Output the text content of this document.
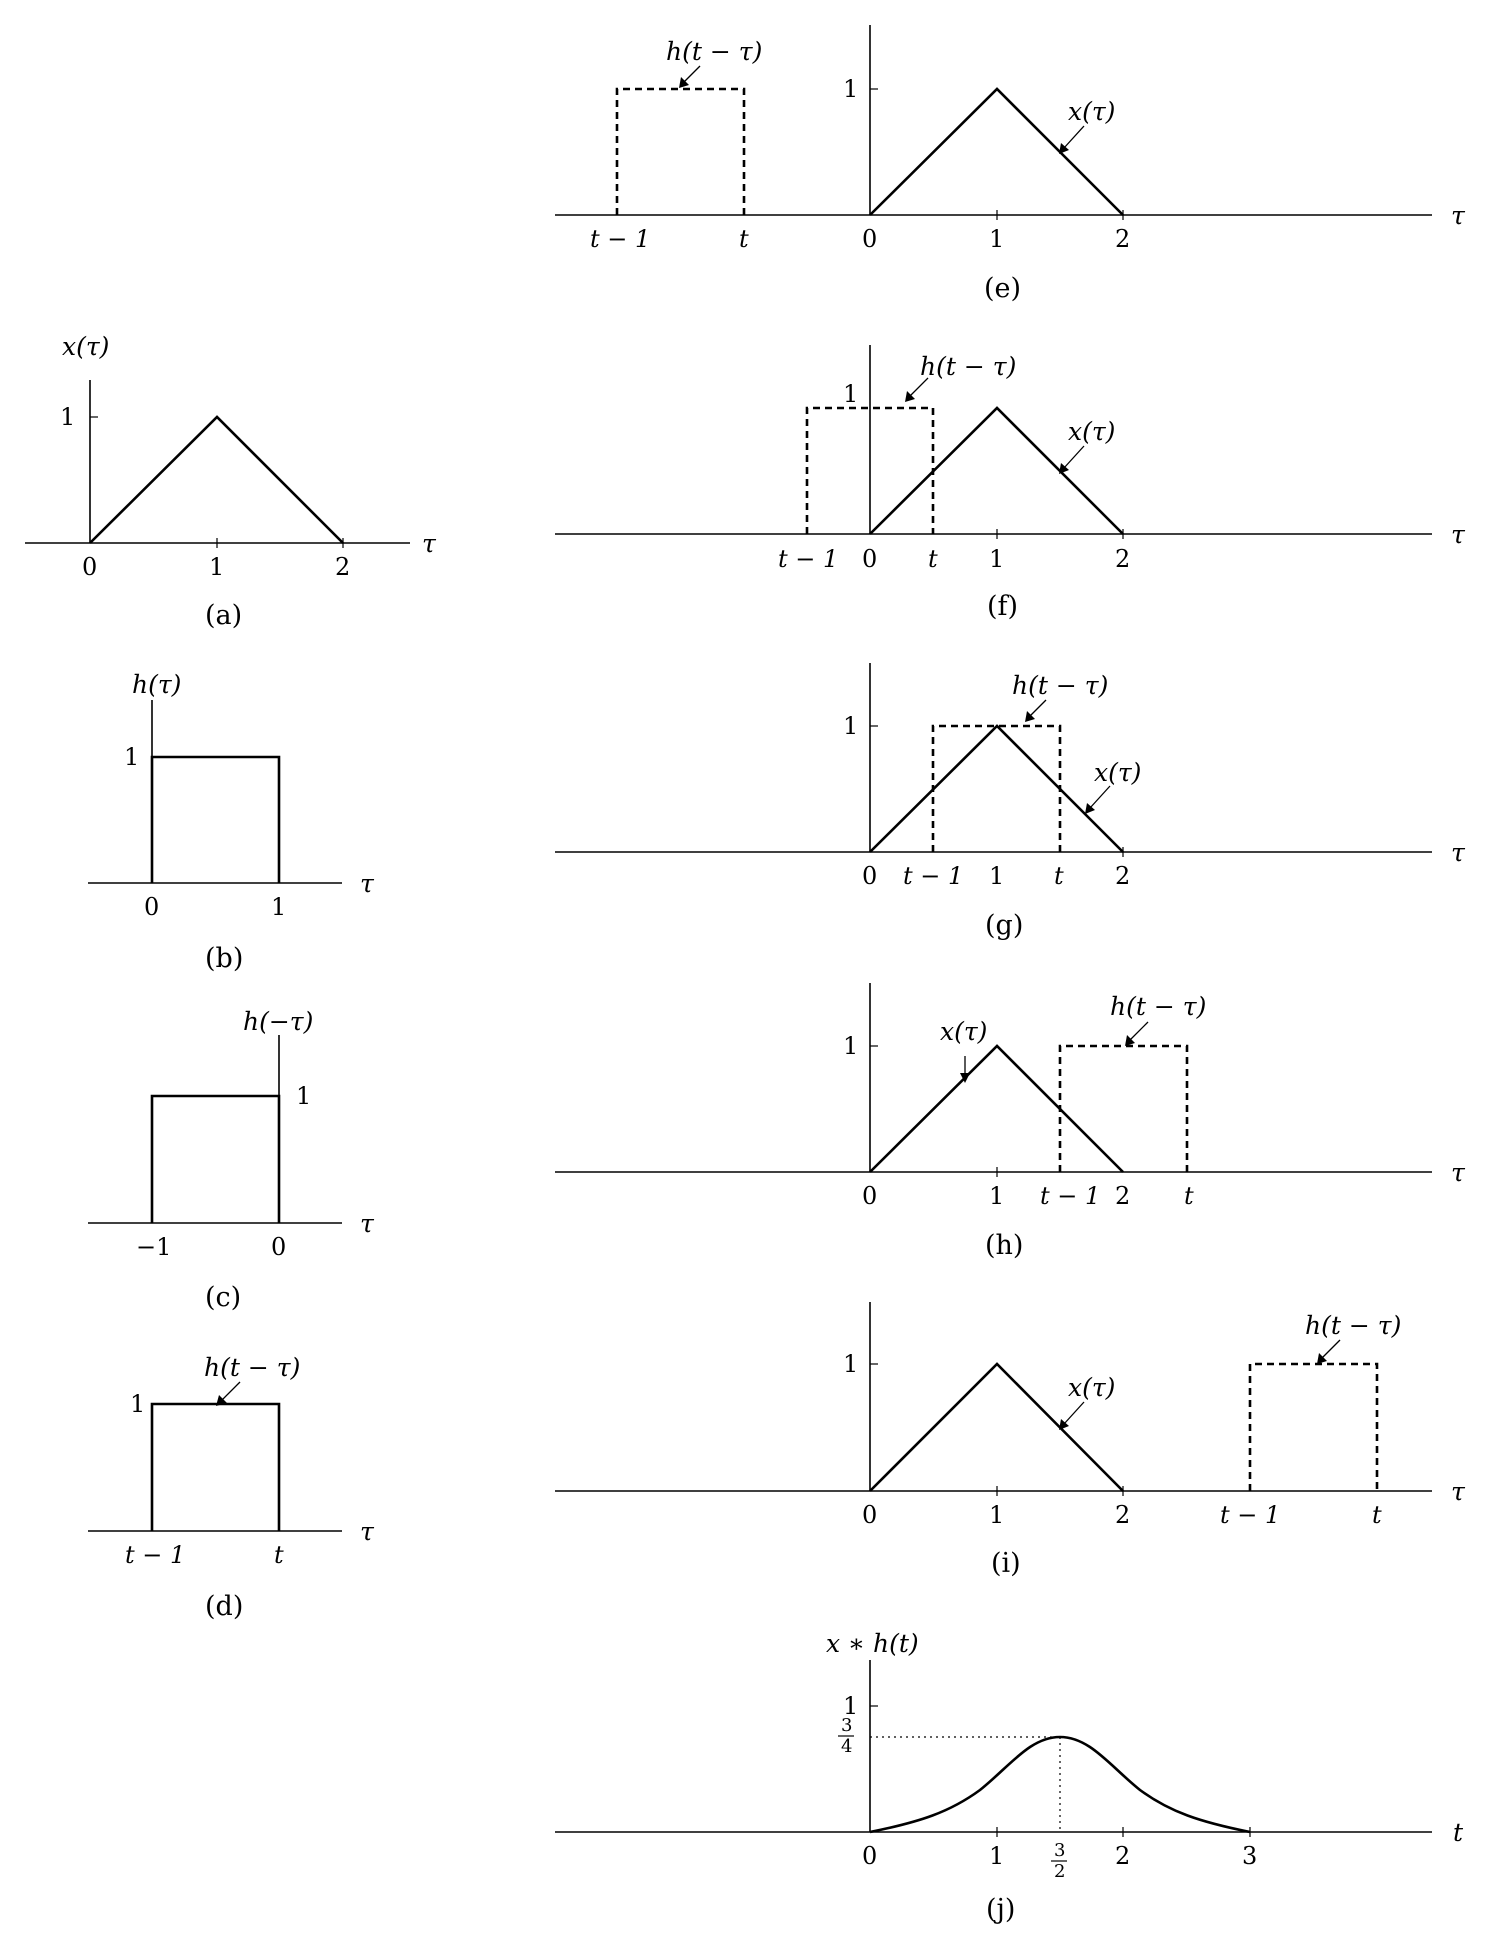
x(τ)
1
0	1	2
τ
(a)
h(τ)
1
0	1
τ
(b)
h(−τ)
1
−1	0
τ
(c)
h(t − τ)
1
t − 1	t
τ
(d)
h(t − τ)
x(τ)
1
t − 1	t	0	1	2
τ
(e)
h(t − τ)
x(τ)
1
t − 1 0 t 1	2
τ
(f)
h(t − τ)
x(τ)
1
0 t − 1 1 t 2
τ
(g)
x(τ)
h(t − τ)
1
0	1 t − 1 2 t
τ
(h)
x(τ)
h(t − τ)
1
0	1	2	t − 1	t
τ
(i)
x ∗ h(t)
1
3
4
0	1	3
2
2	3
t
(j)
